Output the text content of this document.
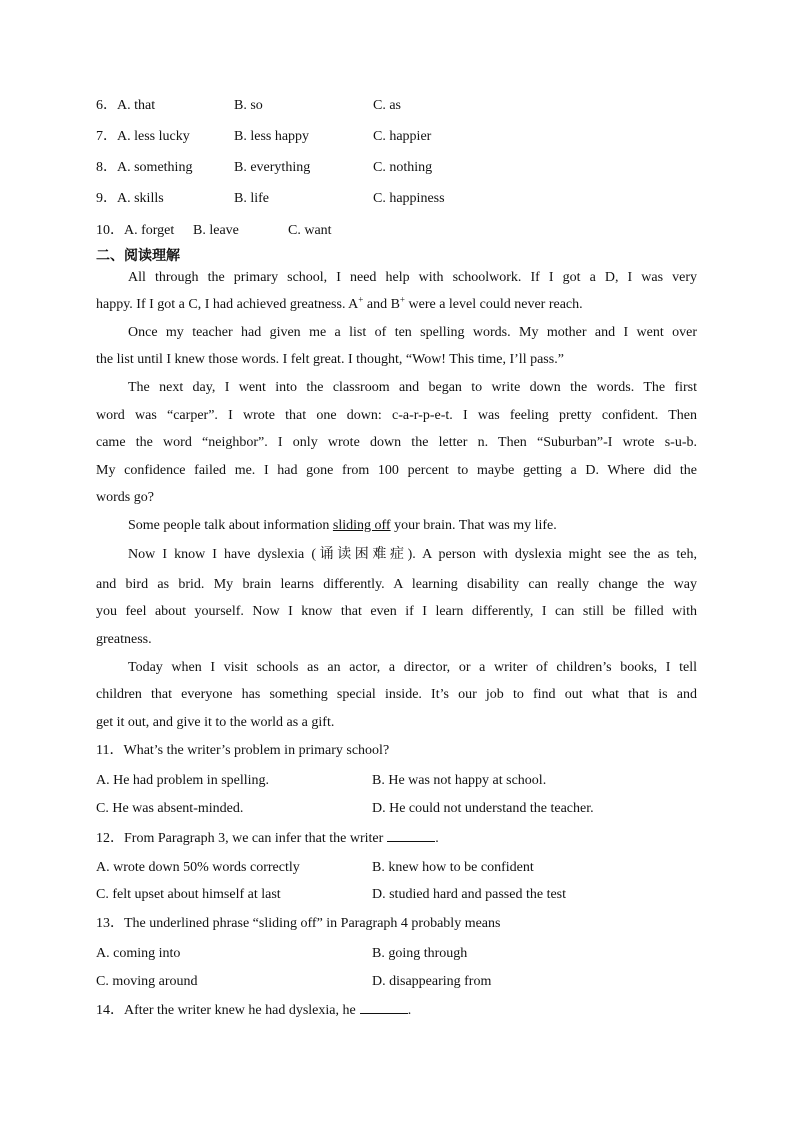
6．A. that	B. so	C. as
7．A. less lucky	B. less happy	C. happier
8．A. something	B. everything	C. nothing
9．A. skills	B. life	C. happiness
10．A. forget B. leave	C. want
二、阅读理解
All through the primary school, I need help with schoolwork. If I got a D, I was very
happy. If I got a C, I had achieved greatness. A+ and B+ were a level could never reach.
Once my teacher had given me a list of ten spelling words. My mother and I went over
the list until I knew those words. I felt great. I thought, “Wow! This time, I’ll pass.”
The next day, I went into the classroom and began to write down the words. The first
word was “carper”. I wrote that one down: c-a-r-p-e-t. I was feeling pretty confident. Then
came the word “neighbor”. I only wrote down the letter n. Then “Suburban”-I wrote s-u-b.
My confidence failed me. I had gone from 100 percent to maybe getting a D. Where did the
words go?
Some people talk about information sliding off your brain. That was my life.
Now I know I have dyslexia (诵读困难症). A person with dyslexia might see the as teh,
and bird as brid. My brain learns differently. A learning disability can really change the way
you feel about yourself. Now I know that even if I learn differently, I can still be filled with
greatness.
Today when I visit schools as an actor, a director, or a writer of children’s books, I tell
children that everyone has something special inside. It’s our job to find out what that is and
get it out, and give it to the world as a gift.
11．What’s the writer’s problem in primary school?
A. He had problem in spelling.	B. He was not happy at school.
C. He was absent-minded.	D. He could not understand the teacher.
12．From Paragraph 3, we can infer that the writer	.
A. wrote down 50% words correctly	B. knew how to be confident
C. felt upset about himself at last	D. studied hard and passed the test
13．The underlined phrase “sliding off” in Paragraph 4 probably means
A. coming into	B. going through
C. moving around	D. disappearing from
14．After the writer knew he had dyslexia, he	.
